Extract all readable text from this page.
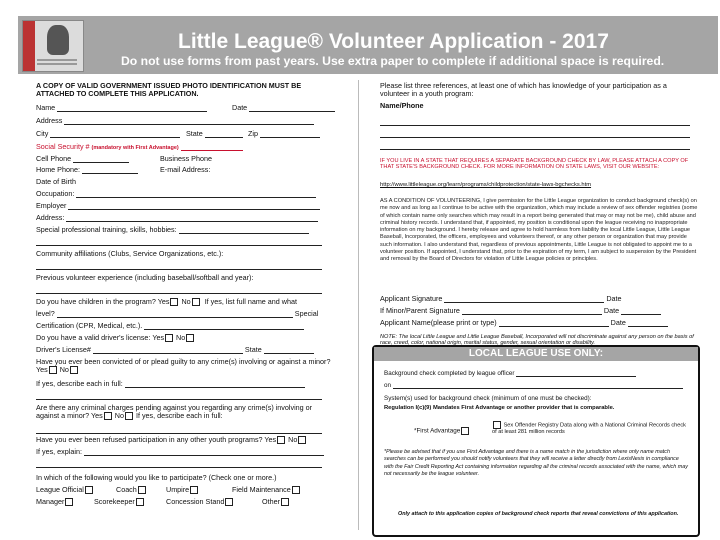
Little League® Volunteer Application - 2017
Do not use forms from past years. Use extra paper to complete if additional space is required.
A COPY OF VALID GOVERNMENT ISSUED PHOTO IDENTIFICATION MUST BE ATTACHED TO COMPLETE THIS APPLICATION.
Name	Date
Address
City	State	Zip
Social Security # (mandatory with First Advantage)
Cell Phone	Business Phone
Home Phone:	E-mail Address:
Date of Birth
Occupation:
Employer
Address:
Special professional training, skills, hobbies:
Community affiliations (Clubs, Service Organizations, etc.):
Previous volunteer experience (including baseball/softball and year):
Do you have children in the program? Yes No If yes, list full name and what
level?	Special
Certification (CPR, Medical, etc.).
Do you have a valid driver's license: Yes No
Driver's License#	State
Have you ever been convicted of or plead guilty to any crime(s) involving or against a minor? Yes No
If yes, describe each in full:
Are there any criminal charges pending against you regarding any crime(s) involving or against a minor? Yes No If yes, describe each in full:
Have you ever been refused participation in any other youth programs? Yes No
If yes, explain:
In which of the following would you like to participate? (Check one or more.)
League Official	Coach	Umpire	Field Maintenance
Manager	Scorekeeper	Concession Stand	Other
Please list three references, at least one of which has knowledge of your participation as a volunteer in a youth program:
Name/Phone
IF YOU LIVE IN A STATE THAT REQUIRES A SEPARATE BACKGROUND CHECK BY LAW, PLEASE ATTACH A COPY OF THAT STATE'S BACKGROUND CHECK. FOR MORE INFORMATION ON STATE LAWS, VISIT OUR WEBSITE:
http://www.littleleague.org/learn/programs/childprotection/state-laws-bgchecks.htm
AS A CONDITION OF VOLUNTEERING, I give permission for the Little League organization to conduct background check(s) on me now and as long as I continue to be active with the organization, which may include a review of sex offender registries (some of which contain name only searches which may result in a report being generated that may or may not be me), child abuse and criminal history records. I understand that, if appointed, my position is conditional upon the league receiving no inappropriate information on my background. I hereby release and agree to hold harmless from liability the local Little League, Little League Baseball, Incorporated, the officers, employees and volunteers thereof, or any other person or organization that may provide such information. I also understand that, regardless of previous appointments, Little League is not obligated to appoint me to a volunteer position. If appointed, I understand that, prior to the expiration of my term, I am subject to suspension by the President and removal by the Board of Directors for violation of Little League policies or principles.
Applicant Signature	Date
If Minor/Parent Signature	Date
Applicant Name(please print or type)	Date
NOTE: The local Little League and Little League Baseball, Incorporated will not discriminate against any person on the basis of race, creed, color, national origin, marital status, gender, sexual orientation or disability.
LOCAL LEAGUE USE ONLY:
Background check completed by league officer
on
System(s) used for background check (minimum of one must be checked):
Regulation I(c)(9) Mandates First Advantage or another provider that is comparable.
*First Advantage
Sex Offender Registry Data along with a National Criminal Records check of at least 281 million records
*Please be advised that if you use First Advantage and there is a name match in the jurisdiction where only name match searches can be performed you should notify volunteers that they will receive a letter directly from LexisNexis in compliance with the Fair Credit Reporting Act containing information regarding all the criminal records associated with the name, which may not necessarily be the league volunteer.
Only attach to this application copies of background check reports that reveal convictions of this application.
